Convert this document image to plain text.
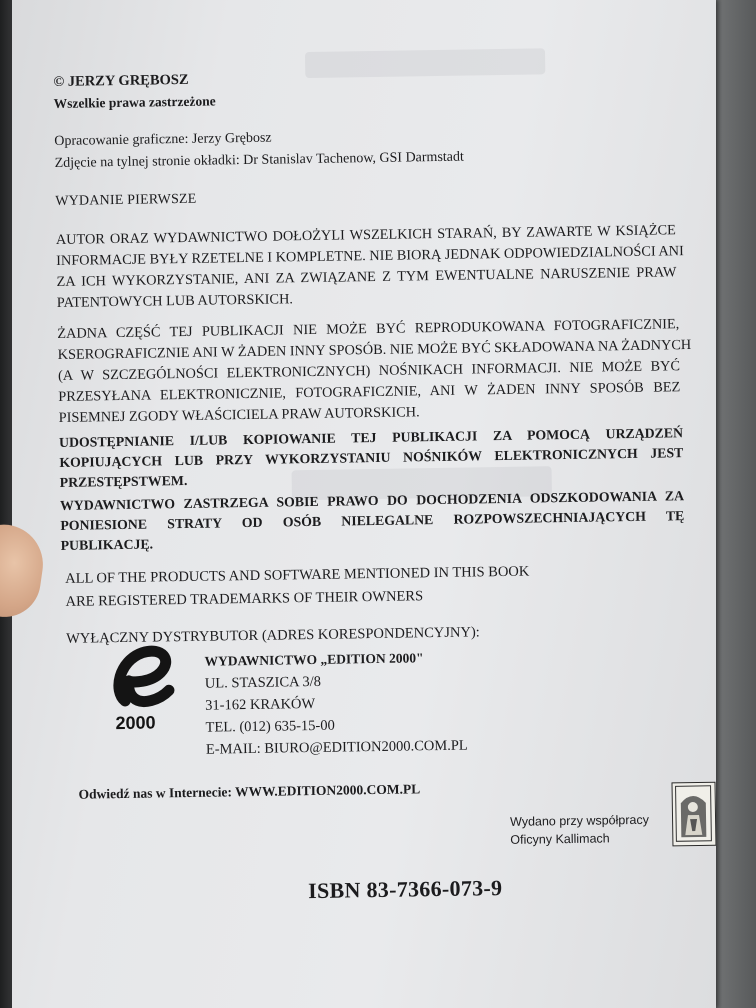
© JERZY GRĘBOSZ
Wszelkie prawa zastrzeżone
Opracowanie graficzne: Jerzy Grębosz
Zdjęcie na tylnej stronie okładki: Dr Stanislav Tachenow, GSI Darmstadt
WYDANIE PIERWSZE
AUTOR ORAZ WYDAWNICTWO DOŁOŻYLI WSZELKICH STARAŃ, BY ZAWARTE W KSIĄŻCE
INFORMACJE BYŁY RZETELNE I KOMPLETNE. NIE BIORĄ JEDNAK ODPOWIEDZIALNOŚCI ANI
ZA ICH WYKORZYSTANIE, ANI ZA ZWIĄZANE Z TYM EWENTUALNE NARUSZENIE PRAW
PATENTOWYCH LUB AUTORSKICH.
ŻADNA CZĘŚĆ TEJ PUBLIKACJI NIE MOŻE BYĆ REPRODUKOWANA FOTOGRAFICZNIE,
KSEROGRAFICZNIE ANI W ŻADEN INNY SPOSÓB. NIE MOŻE BYĆ SKŁADOWANA NA ŻADNYCH
(A W SZCZEGÓLNOŚCI ELEKTRONICZNYCH) NOŚNIKACH INFORMACJI. NIE MOŻE BYĆ
PRZESYŁANA ELEKTRONICZNIE, FOTOGRAFICZNIE, ANI W ŻADEN INNY SPOSÓB BEZ
PISEMNEJ ZGODY WŁAŚCICIELA PRAW AUTORSKICH.
UDOSTĘPNIANIE I/LUB KOPIOWANIE TEJ PUBLIKACJI ZA POMOCĄ URZĄDZEŃ
KOPIUJĄCYCH LUB PRZY WYKORZYSTANIU NOŚNIKÓW ELEKTRONICZNYCH JEST
PRZESTĘPSTWEM.
WYDAWNICTWO ZASTRZEGA SOBIE PRAWO DO DOCHODZENIA ODSZKODOWANIA ZA
PONIESIONE STRATY OD OSÓB NIELEGALNE ROZPOWSZECHNIAJĄCYCH TĘ
PUBLIKACJĘ.
ALL OF THE PRODUCTS AND SOFTWARE MENTIONED IN THIS BOOK
ARE REGISTERED TRADEMARKS OF THEIR OWNERS
WYŁĄCZNY DYSTRYBUTOR (ADRES KORESPONDENCYJNY):
2000
WYDAWNICTWO „EDITION 2000"
UL. STASZICA 3/8
31-162 KRAKÓW
TEL. (012) 635-15-00
E-MAIL: BIURO@EDITION2000.COM.PL
Odwiedź nas w Internecie: WWW.EDITION2000.COM.PL
Wydano przy współpracy
Oficyny Kallimach
ISBN 83-7366-073-9
